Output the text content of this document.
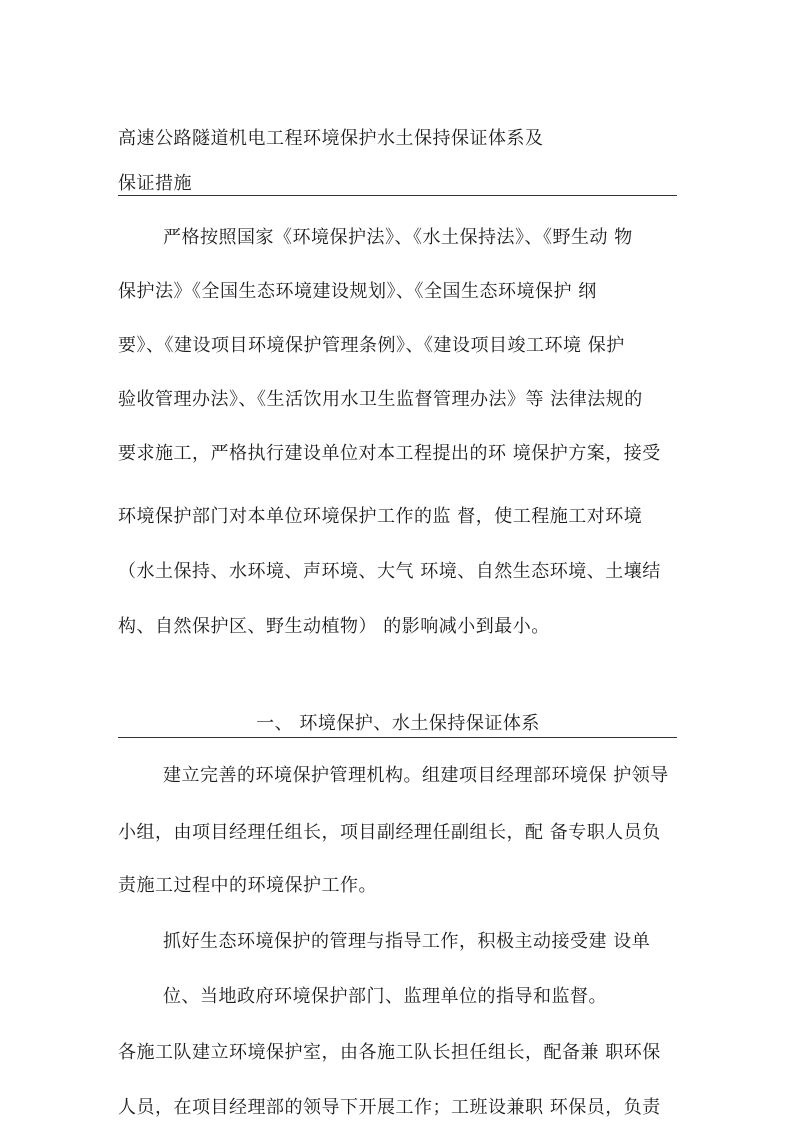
高速公路隧道机电工程环境保护水土保持保证体系及
保证措施
严格按照国家《环境保护法》、《水土保持法》、《野生动 物
保护法》《全国生态环境建设规划》、《全国生态环境保护 纲
要》、《建设项目环境保护管理条例》、《建设项目竣工环境 保护
验收管理办法》、《生活饮用水卫生监督管理办法》等 法律法规的
要求施工，严格执行建设单位对本工程提出的环 境保护方案，接受
环境保护部门对本单位环境保护工作的监 督，使工程施工对环境
（水土保持、水环境、声环境、大气 环境、自然生态环境、土壤结
构、自然保护区、野生动植物） 的影响减小到最小。
一、 环境保护、水土保持保证体系
建立完善的环境保护管理机构。组建项目经理部环境保 护领导
小组，由项目经理任组长，项目副经理任副组长，配 备专职人员负
责施工过程中的环境保护工作。
抓好生态环境保护的管理与指导工作，积极主动接受建 设单
位、当地政府环境保护部门、监理单位的指导和监督。
各施工队建立环境保护室，由各施工队长担任组长，配备兼 职环保
人员，在项目经理部的领导下开展工作；工班设兼职 环保员，负责
